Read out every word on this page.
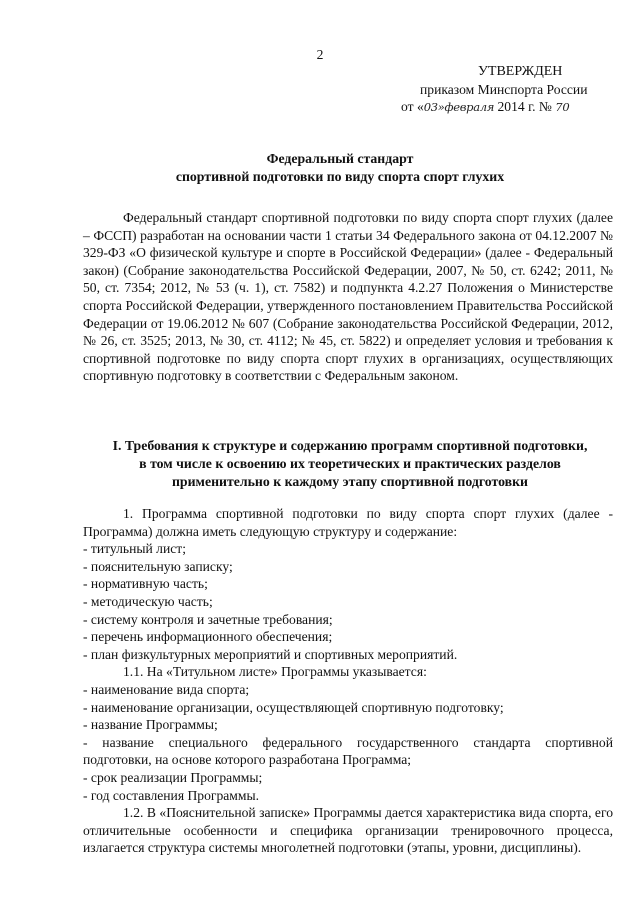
2
УТВЕРЖДЕН
приказом Минспорта России
от «03»февраля 2014 г. № 70
Федеральный стандарт
спортивной подготовки по виду спорта спорт глухих

Федеральный стандарт спортивной подготовки по виду спорта спорт глухих (далее – ФССП) разработан на основании части 1 статьи 34 Федерального закона от 04.12.2007 № 329-ФЗ «О физической культуре и спорте в Российской Федерации» (далее - Федеральный закон) (Собрание законодательства Российской Федерации, 2007, № 50, ст. 6242; 2011, № 50, ст. 7354; 2012, № 53 (ч. 1), ст. 7582) и подпункта 4.2.27 Положения о Министерстве спорта Российской Федерации, утвержденного постановлением Правительства Российской Федерации от 19.06.2012 № 607 (Собрание законодательства Российской Федерации, 2012, № 26, ст. 3525; 2013, № 30, ст. 4112; № 45, ст. 5822) и определяет условия и требования к спортивной подготовке по виду спорта спорт глухих в организациях, осуществляющих спортивную подготовку в соответствии с Федеральным законом.

I. Требования к структуре и содержанию программ спортивной подготовки,
в том числе к освоению их теоретических и практических разделов
применительно к каждому этапу спортивной подготовки

1. Программа спортивной подготовки по виду спорта спорт глухих (далее - Программа) должна иметь следующую структуру и содержание:

- титульный лист;
- пояснительную записку;
- нормативную часть;
- методическую часть;
- систему контроля и зачетные требования;
- перечень информационного обеспечения;
- план физкультурных мероприятий и спортивных мероприятий.
1.1. На «Титульном листе» Программы указывается:
- наименование вида спорта;
- наименование организации, осуществляющей спортивную подготовку;
- название Программы;
- название специального федерального государственного стандарта спортивной подготовки, на основе которого разработана Программа;
- срок реализации Программы;
- год составления Программы.

1.2. В «Пояснительной записке» Программы дается характеристика вида спорта, его отличительные особенности и специфика организации тренировочного процесса, излагается структура системы многолетней подготовки (этапы, уровни, дисциплины).
